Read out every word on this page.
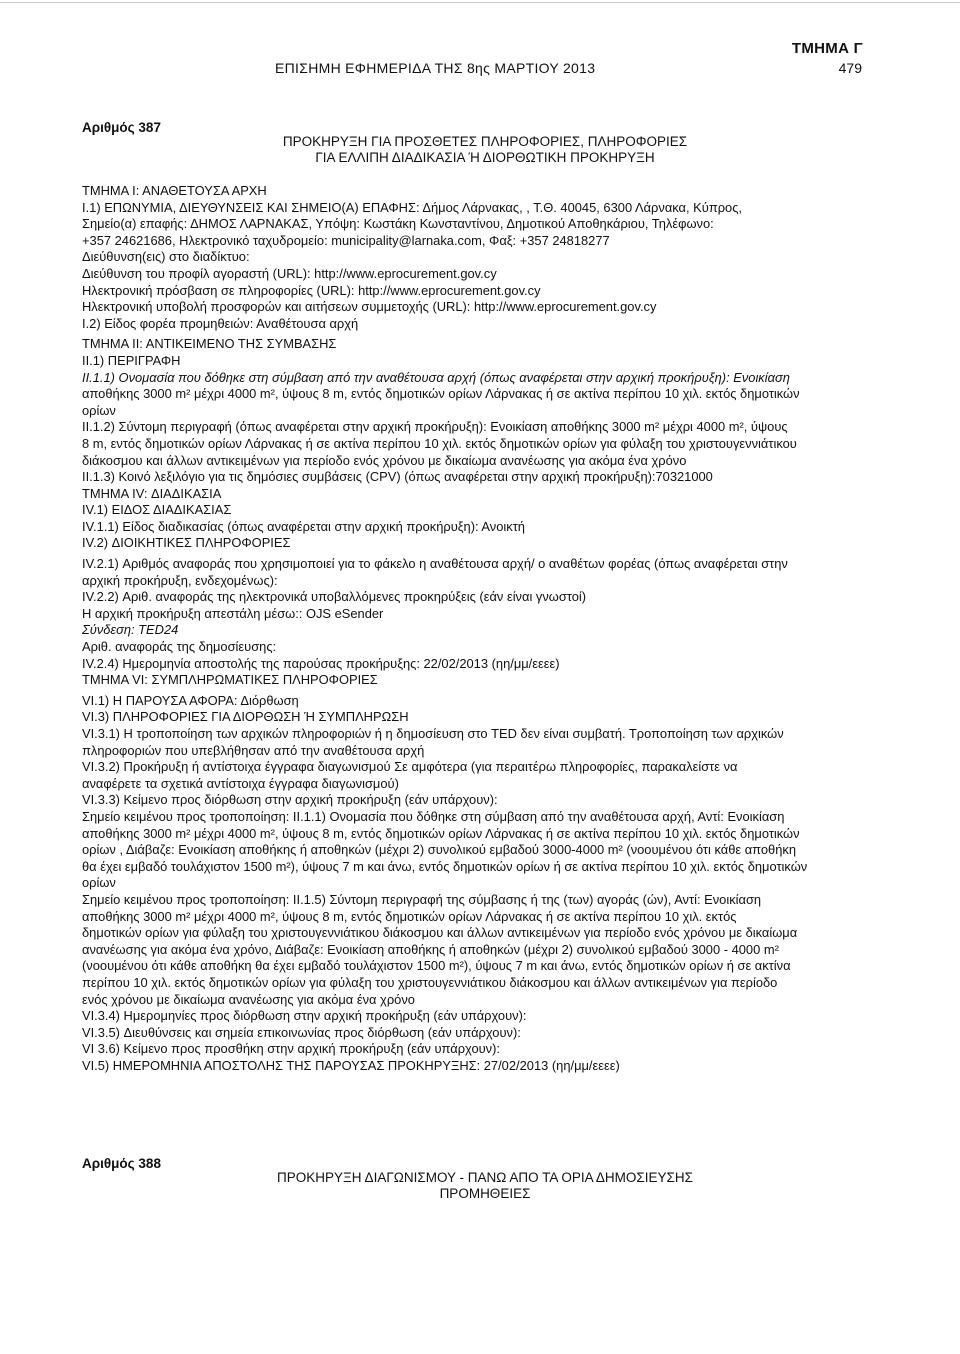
ΤΜΗΜΑ Γ
ΕΠΙΣΗΜΗ ΕΦΗΜΕΡΙΔΑ ΤΗΣ 8ης ΜΑΡΤΙΟΥ 2013	479
Αριθμός 387
ΠΡΟΚΗΡΥΞΗ ΓΙΑ ΠΡΟΣΘΕΤΕΣ ΠΛΗΡΟΦΟΡΙΕΣ, ΠΛΗΡΟΦΟΡΙΕΣ
ΓΙΑ ΕΛΛΙΠΗ ΔΙΑΔΙΚΑΣΙΑ Ή ΔΙΟΡΘΩΤΙΚΗ ΠΡΟΚΗΡΥΞΗ
ΤΜΗΜΑ Ι: ΑΝΑΘΕΤΟΥΣΑ ΑΡΧΗ
Ι.1) ΕΠΩΝΥΜΙΑ, ΔΙΕΥΘΥΝΣΕΙΣ ΚΑΙ ΣΗΜΕΙΟ(Α) ΕΠΑΦΗΣ: Δήμος Λάρνακας, , Τ.Θ. 40045, 6300 Λάρνακα, Κύπρος,
Σημείο(α) επαφής: ΔΗΜΟΣ ΛΑΡΝΑΚΑΣ, Υπόψη: Κωστάκη Κωνσταντίνου, Δημοτικού Αποθηκάριου, Τηλέφωνο:
+357 24621686, Ηλεκτρονικό ταχυδρομείο: municipality@larnaka.com, Φαξ: +357 24818277
Διεύθυνση(εις) στο διαδίκτυο:
Διεύθυνση του προφίλ αγοραστή (URL): http://www.eprocurement.gov.cy
Ηλεκτρονική πρόσβαση σε πληροφορίες (URL): http://www.eprocurement.gov.cy
Ηλεκτρονική υποβολή προσφορών και αιτήσεων συμμετοχής (URL): http://www.eprocurement.gov.cy
Ι.2) Είδος φορέα προμηθειών: Αναθέτουσα αρχή
ΤΜΗΜΑ ΙΙ: ΑΝΤΙΚΕΙΜΕΝΟ ΤΗΣ ΣΥΜΒΑΣΗΣ
ΙΙ.1) ΠΕΡΙΓΡΑΦΗ
ΙΙ.1.1) Ονομασία που δόθηκε στη σύμβαση από την αναθέτουσα αρχή (όπως αναφέρεται στην αρχική προκήρυξη): Ενοικίαση
αποθήκης 3000 m² μέχρι 4000 m², ύψους 8 m, εντός δημοτικών ορίων Λάρνακας ή σε ακτίνα περίπου 10 χιλ. εκτός δημοτικών
ορίων
ΙΙ.1.2) Σύντομη περιγραφή (όπως αναφέρεται στην αρχική προκήρυξη): Ενοικίαση αποθήκης 3000 m² μέχρι 4000 m², ύψους
8 m, εντός δημοτικών ορίων Λάρνακας ή σε ακτίνα περίπου 10 χιλ. εκτός δημοτικών ορίων για φύλαξη του χριστουγεννιάτικου
διάκοσμου και άλλων αντικειμένων για περίοδο ενός χρόνου με δικαίωμα ανανέωσης για ακόμα ένα χρόνο
ΙΙ.1.3) Κοινό λεξιλόγιο για τις δημόσιες συμβάσεις (CPV) (όπως αναφέρεται στην αρχική προκήρυξη):70321000
ΤΜΗΜΑ IV: ΔΙΑΔΙΚΑΣΙΑ
IV.1) ΕΙΔΟΣ ΔΙΑΔΙΚΑΣΙΑΣ
IV.1.1) Είδος διαδικασίας (όπως αναφέρεται στην αρχική προκήρυξη): Ανοικτή
IV.2) ΔΙΟΙΚΗΤΙΚΕΣ ΠΛΗΡΟΦΟΡΙΕΣ
IV.2.1) Αριθμός αναφοράς που χρησιμοποιεί για το φάκελο η αναθέτουσα αρχή/ ο αναθέτων φορέας (όπως αναφέρεται στην
αρχική προκήρυξη, ενδεχομένως):
IV.2.2) Αριθ. αναφοράς της ηλεκτρονικά υποβαλλόμενες προκηρύξεις (εάν είναι γνωστοί)
Η αρχική προκήρυξη απεστάλη μέσω:: OJS eSender
Σύνδεση: TED24
Αριθ. αναφοράς της δημοσίευσης:
IV.2.4) Ημερομηνία αποστολής της παρούσας προκήρυξης: 22/02/2013 (ηη/μμ/εεεε)
ΤΜΗΜΑ VI: ΣΥΜΠΛΗΡΩΜΑΤΙΚΕΣ ΠΛΗΡΟΦΟΡΙΕΣ
VI.1) Η ΠΑΡΟΥΣΑ ΑΦΟΡΑ: Διόρθωση
VI.3) ΠΛΗΡΟΦΟΡΙΕΣ ΓΙΑ ΔΙΟΡΘΩΣΗ Ή ΣΥΜΠΛΗΡΩΣΗ
VI.3.1) Η τροποποίηση των αρχικών πληροφοριών ή η δημοσίευση στο TED δεν είναι συμβατή. Τροποποίηση των αρχικών
πληροφοριών που υπεβλήθησαν από την αναθέτουσα αρχή
VI.3.2) Προκήρυξη ή αντίστοιχα έγγραφα διαγωνισμού Σε αμφότερα (για περαιτέρω πληροφορίες, παρακαλείστε να
αναφέρετε τα σχετικά αντίστοιχα έγγραφα διαγωνισμού)
VI.3.3) Κείμενο προς διόρθωση στην αρχική προκήρυξη (εάν υπάρχουν):
Σημείο κειμένου προς τροποποίηση: ΙΙ.1.1) Ονομασία που δόθηκε στη σύμβαση από την αναθέτουσα αρχή, Αντί: Ενοικίαση
αποθήκης 3000 m² μέχρι 4000 m², ύψους 8 m, εντός δημοτικών ορίων Λάρνακας ή σε ακτίνα περίπου 10 χιλ. εκτός δημοτικών
ορίων , Διάβαζε: Ενοικίαση αποθήκης ή αποθηκών (μέχρι 2) συνολικού εμβαδού 3000-4000 m² (νοουμένου ότι κάθε αποθήκη
θα έχει εμβαδό τουλάχιστον 1500 m²), ύψους 7 m και άνω, εντός δημοτικών ορίων ή σε ακτίνα περίπου 10 χιλ. εκτός δημοτικών
ορίων
Σημείο κειμένου προς τροποποίηση: ΙΙ.1.5) Σύντομη περιγραφή της σύμβασης ή της (των) αγοράς (ών), Αντί: Ενοικίαση
αποθήκης 3000 m² μέχρι 4000 m², ύψους 8 m, εντός δημοτικών ορίων Λάρνακας ή σε ακτίνα περίπου 10 χιλ. εκτός
δημοτικών ορίων για φύλαξη του χριστουγεννιάτικου διάκοσμου και άλλων αντικειμένων για περίοδο ενός χρόνου με δικαίωμα
ανανέωσης για ακόμα ένα χρόνο, Διάβαζε: Ενοικίαση αποθήκης ή αποθηκών (μέχρι 2) συνολικού εμβαδού 3000 - 4000 m²
(νοουμένου ότι κάθε αποθήκη θα έχει εμβαδό τουλάχιστον 1500 m²), ύψους 7 m και άνω, εντός δημοτικών ορίων ή σε ακτίνα
περίπου 10 χιλ. εκτός δημοτικών ορίων για φύλαξη του χριστουγεννιάτικου διάκοσμου και άλλων αντικειμένων για περίοδο
ενός χρόνου με δικαίωμα ανανέωσης για ακόμα ένα χρόνο
VI.3.4) Ημερομηνίες προς διόρθωση στην αρχική προκήρυξη (εάν υπάρχουν):
VI.3.5) Διευθύνσεις και σημεία επικοινωνίας προς διόρθωση (εάν υπάρχουν):
VI 3.6) Κείμενο προς προσθήκη στην αρχική προκήρυξη (εάν υπάρχουν):
VI.5) ΗΜΕΡΟΜΗΝΙΑ ΑΠΟΣΤΟΛΗΣ ΤΗΣ ΠΑΡΟΥΣΑΣ ΠΡΟΚΗΡΥΞΗΣ: 27/02/2013 (ηη/μμ/εεεε)
Αριθμός 388
ΠΡΟΚΗΡΥΞΗ ΔΙΑΓΩΝΙΣΜΟΥ - ΠΑΝΩ ΑΠΟ ΤΑ ΟΡΙΑ ΔΗΜΟΣΙΕΥΣΗΣ
ΠΡΟΜΗΘΕΙΕΣ
